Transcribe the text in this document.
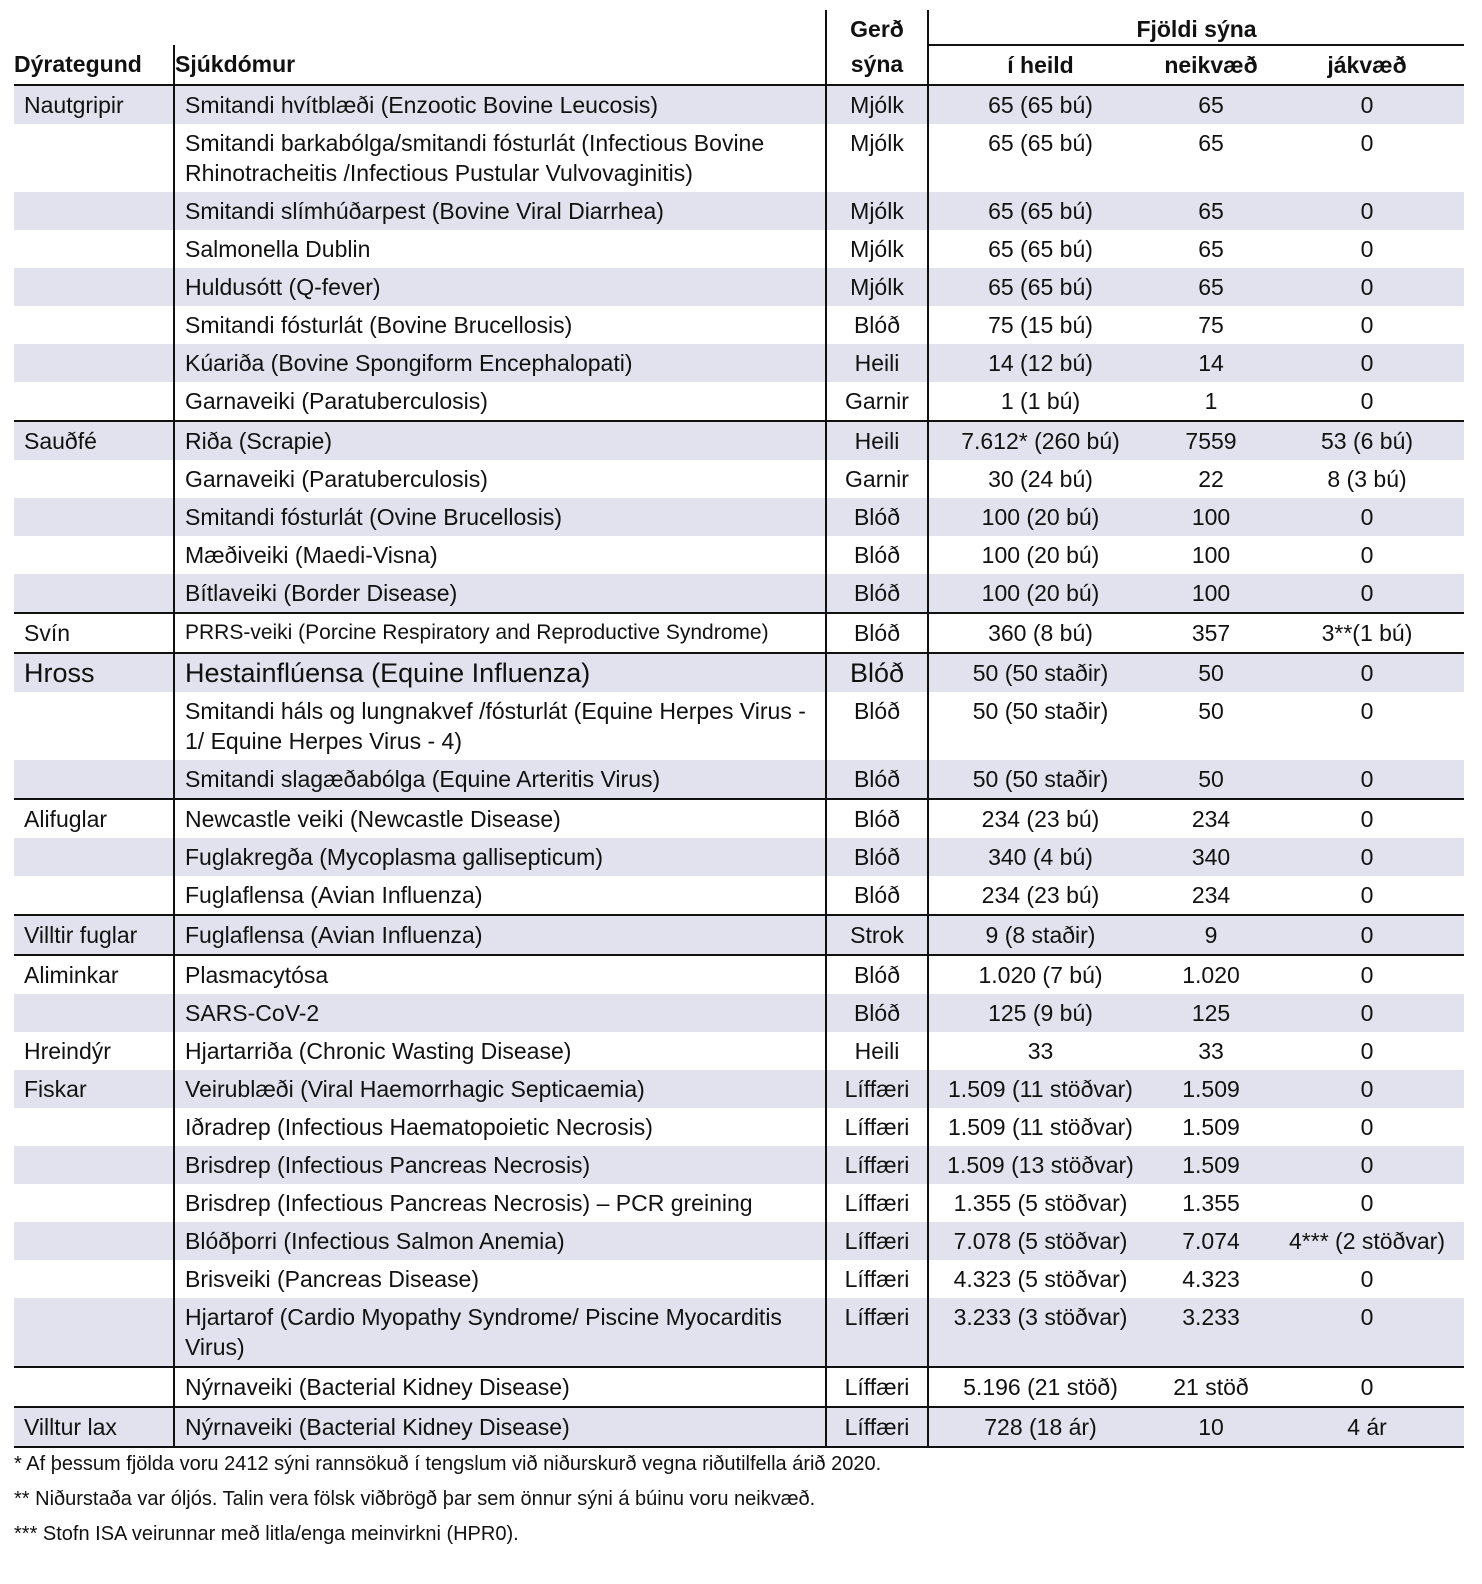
		Gerð	Fjöldi sýna		
Dýrategund	Sjúkdómur	sýna	í heild	neikvæð	jákvæð
Nautgripir	Smitandi hvítblæði (Enzootic Bovine Leucosis)	Mjólk	65 (65 bú)	65	0
	Smitandi barkabólga/smitandi fósturlát (Infectious Bovine Rhinotracheitis /Infectious Pustular Vulvovaginitis)	Mjólk	65 (65 bú)	65	0
	Smitandi slímhúðarpest (Bovine Viral Diarrhea)	Mjólk	65 (65 bú)	65	0
	Salmonella Dublin	Mjólk	65 (65 bú)	65	0
	Huldusótt (Q-fever)	Mjólk	65 (65 bú)	65	0
	Smitandi fósturlát (Bovine Brucellosis)	Blóð	75 (15 bú)	75	0
	Kúariða (Bovine Spongiform Encephalopati)	Heili	14 (12 bú)	14	0
	Garnaveiki (Paratuberculosis)	Garnir	1 (1 bú)	1	0
Sauðfé	Riða (Scrapie)	Heili	7.612* (260 bú)	7559	53 (6 bú)
	Garnaveiki (Paratuberculosis)	Garnir	30 (24 bú)	22	8 (3 bú)
	Smitandi fósturlát (Ovine Brucellosis)	Blóð	100 (20 bú)	100	0
	Mæðiveiki (Maedi-Visna)	Blóð	100 (20 bú)	100	0
	Bítlaveiki (Border Disease)	Blóð	100 (20 bú)	100	0
Svín	PRRS-veiki (Porcine Respiratory and Reproductive Syndrome)	Blóð	360 (8 bú)	357	3**(1 bú)
Hross	Hestainflúensa (Equine Influenza)	Blóð	50 (50 staðir)	50	0
	Smitandi háls og lungnakvef /fósturlát (Equine Herpes Virus - 1/ Equine Herpes Virus - 4)	Blóð	50 (50 staðir)	50	0
	Smitandi slagæðabólga (Equine Arteritis Virus)	Blóð	50 (50 staðir)	50	0
Alifuglar	Newcastle veiki (Newcastle Disease)	Blóð	234 (23 bú)	234	0
	Fuglakregða (Mycoplasma gallisepticum)	Blóð	340 (4 bú)	340	0
	Fuglaflensa (Avian Influenza)	Blóð	234 (23 bú)	234	0
Villtir fuglar	Fuglaflensa (Avian Influenza)	Strok	9 (8 staðir)	9	0
Aliminkar	Plasmacytósa	Blóð	1.020 (7 bú)	1.020	0
	SARS-CoV-2	Blóð	125 (9 bú)	125	0
Hreindýr	Hjartarriða (Chronic Wasting Disease)	Heili	33	33	0
Fiskar	Veirublæði (Viral Haemorrhagic Septicaemia)	Líffæri	1.509 (11 stöðvar)	1.509	0
	Iðradrep (Infectious Haematopoietic Necrosis)	Líffæri	1.509 (11 stöðvar)	1.509	0
	Brisdrep (Infectious Pancreas Necrosis)	Líffæri	1.509 (13 stöðvar)	1.509	0
	Brisdrep (Infectious Pancreas Necrosis) – PCR greining	Líffæri	1.355 (5 stöðvar)	1.355	0
	Blóðþorri (Infectious Salmon Anemia)	Líffæri	7.078 (5 stöðvar)	7.074	4*** (2 stöðvar)
	Brisveiki (Pancreas Disease)	Líffæri	4.323 (5 stöðvar)	4.323	0
	Hjartarof (Cardio Myopathy Syndrome/ Piscine Myocarditis Virus)	Líffæri	3.233 (3 stöðvar)	3.233	0
	Nýrnaveiki (Bacterial Kidney Disease)	Líffæri	5.196 (21 stöð)	21 stöð	0
Villtur lax	Nýrnaveiki (Bacterial Kidney Disease)	Líffæri	728 (18 ár)	10	4 ár

* Af þessum fjölda voru 2412 sýni rannsökuð í tengslum við niðurskurð vegna riðutilfella árið 2020.

** Niðurstaða var óljós. Talin vera fölsk viðbrögð þar sem önnur sýni á búinu voru neikvæð.

*** Stofn ISA veirunnar með litla/enga meinvirkni (HPR0).
